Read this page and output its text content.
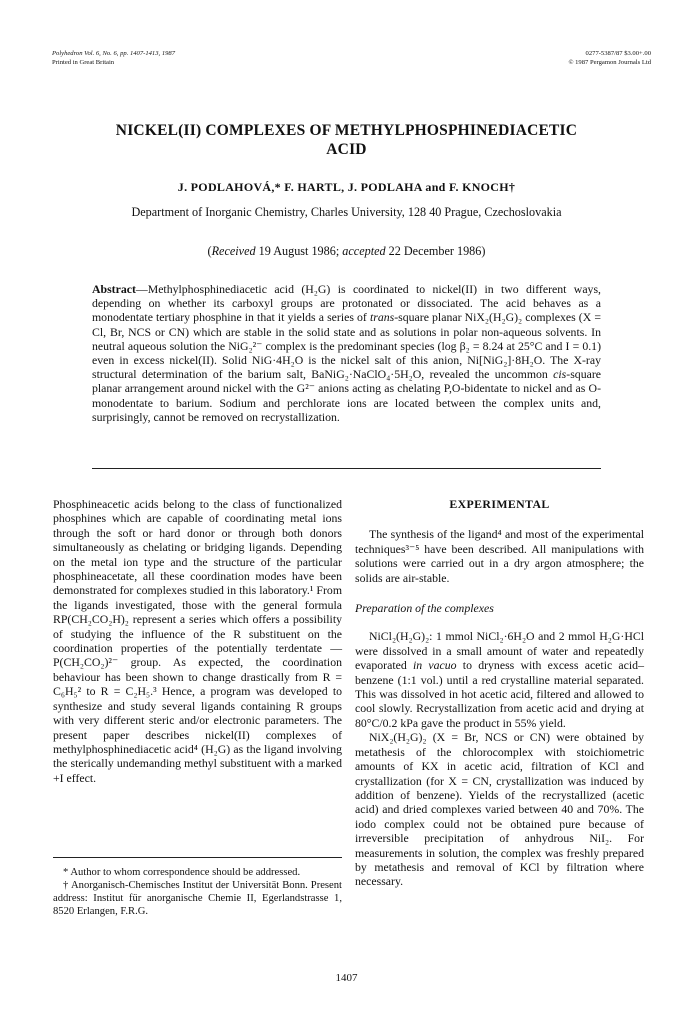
Polyhedron Vol. 6, No. 6, pp. 1407-1413, 1987
Printed in Great Britain
0277-5387/87 $3.00+.00
© 1987 Pergamon Journals Ltd
NICKEL(II) COMPLEXES OF METHYLPHOSPHINEDIACETIC
ACID
J. PODLAHOVÁ,* F. HARTL, J. PODLAHA and F. KNOCH†
Department of Inorganic Chemistry, Charles University, 128 40 Prague, Czechoslovakia
(Received 19 August 1986; accepted 22 December 1986)
Abstract—Methylphosphinediacetic acid (H₂G) is coordinated to nickel(II) in two different ways, depending on whether its carboxyl groups are protonated or dissociated. The acid behaves as a monodentate tertiary phosphine in that it yields a series of trans-square planar NiX₂(H₂G)₂ complexes (X = Cl, Br, NCS or CN) which are stable in the solid state and as solutions in polar non-aqueous solvents. In neutral aqueous solution the NiG₂²⁻ complex is the predominant species (log β₂ = 8.24 at 25°C and I = 0.1) even in excess nickel(II). Solid NiG·4H₂O is the nickel salt of this anion, Ni[NiG₂]·8H₂O. The X-ray structural determination of the barium salt, BaNiG₂·NaClO₄·5H₂O, revealed the uncommon cis-square planar arrangement around nickel with the G²⁻ anions acting as chelating P,O-bidentate to nickel and as O-monodentate to barium. Sodium and perchlorate ions are located between the complex units and, surprisingly, cannot be removed on recrystallization.

Phosphineacetic acids belong to the class of functionalized phosphines which are capable of coordinating metal ions through the soft or hard donor or through both donors simultaneously as chelating or bridging ligands. Depending on the metal ion type and the structure of the particular phosphineacetate, all these coordination modes have been demonstrated for complexes studied in this laboratory.¹ From the ligands investigated, those with the general formula RP(CH₂CO₂H)₂ represent a series which offers a possibility of studying the influence of the R substituent on the coordination properties of the potentially terdentate —P(CH₂CO₂)²⁻ group. As expected, the coordination behaviour has been shown to change drastically from R = C₆H₅² to R = C₂H₅.³ Hence, a program was developed to synthesize and study several ligands containing R groups with very different steric and/or electronic parameters. The present paper describes nickel(II) complexes of methylphosphinediacetic acid⁴ (H₂G) as the ligand involving the sterically undemanding methyl substituent with a marked +I effect.

* Author to whom correspondence should be addressed.

† Anorganisch-Chemisches Institut der Universität Bonn. Present address: Institut für anorganische Chemie II, Egerlandstrasse 1, 8520 Erlangen, F.R.G.

EXPERIMENTAL

The synthesis of the ligand⁴ and most of the experimental techniques³⁻⁵ have been described. All manipulations with solutions were carried out in a dry argon atmosphere; the solids are air-stable.

Preparation of the complexes

NiCl₂(H₂G)₂: 1 mmol NiCl₂·6H₂O and 2 mmol H₂G·HCl were dissolved in a small amount of water and repeatedly evaporated in vacuo to dryness with excess acetic acid–benzene (1:1 vol.) until a red crystalline material separated. This was dissolved in hot acetic acid, filtered and allowed to cool slowly. Recrystallization from acetic acid and drying at 80°C/0.2 kPa gave the product in 55% yield.

NiX₂(H₂G)₂ (X = Br, NCS or CN) were obtained by metathesis of the chlorocomplex with stoichiometric amounts of KX in acetic acid, filtration of KCl and crystallization (for X = CN, crystallization was induced by addition of benzene). Yields of the recrystallized (acetic acid) and dried complexes varied between 40 and 70%. The iodo complex could not be obtained pure because of irreversible precipitation of anhydrous NiI₂. For measurements in solution, the complex was freshly prepared by metathesis and removal of KCl by filtration where necessary.

1407
